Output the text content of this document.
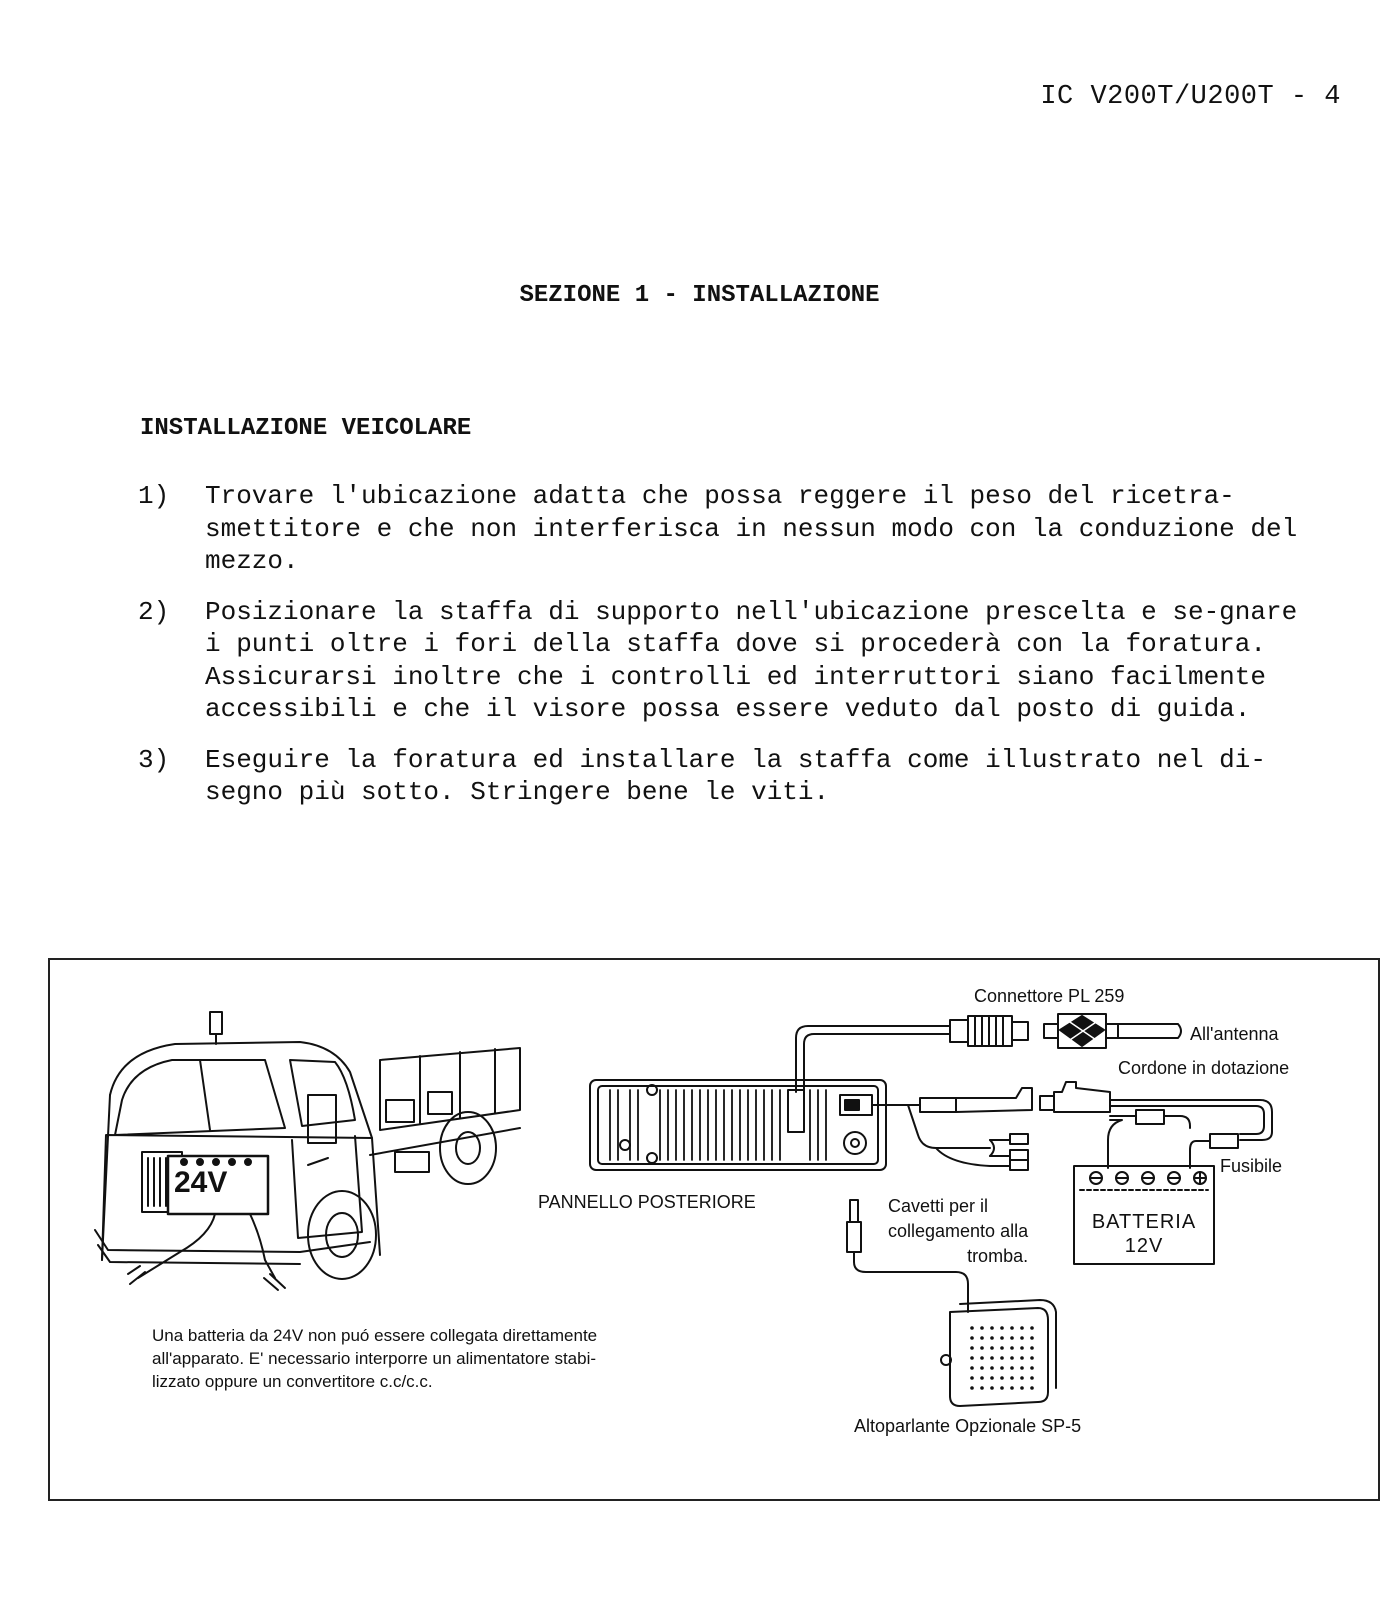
IC V200T/U200T - 4
SEZIONE 1 - INSTALLAZIONE
INSTALLAZIONE VEICOLARE
1) Trovare l'ubicazione adatta che possa reggere il peso del ricetra-smettitore e che non interferisca in nessun modo con la conduzione del mezzo.
2) Posizionare la staffa di supporto nell'ubicazione prescelta e se-gnare i punti oltre i fori della staffa dove si procederà con la foratura. Assicurarsi inoltre che i controlli ed interruttori siano facilmente accessibili e che il visore possa essere veduto dal posto di guida.
3) Eseguire la foratura ed installare la staffa come illustrato nel di-segno più sotto. Stringere bene le viti.
24V
PANNELLO POSTERIORE
Connettore PL 259
All'antenna
Cordone in dotazione
Fusibile
BATTERIA
12V
Cavetti per il
collegamento alla
tromba.
Altoparlante Opzionale SP-5
Una batteria da 24V non puó essere collegata direttamente
all'apparato. E' necessario interporre un alimentatore stabi-
lizzato oppure un convertitore c.c/c.c.
